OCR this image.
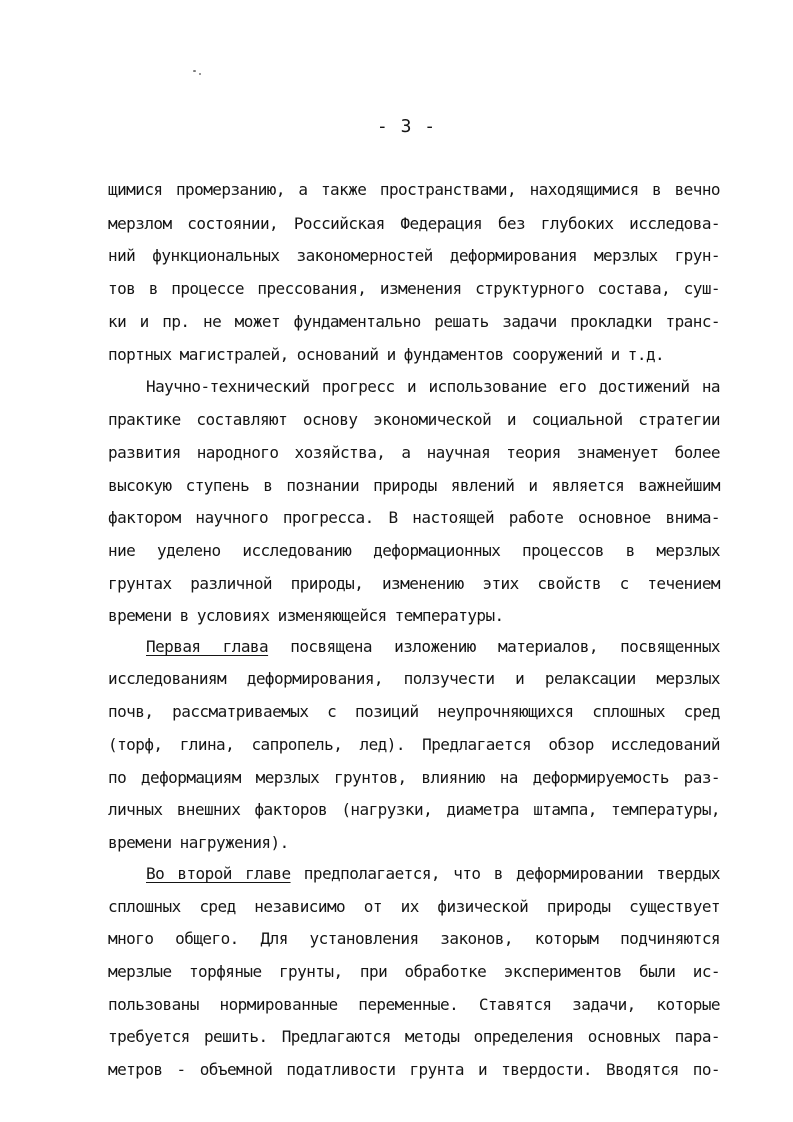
- 3 -
щимися промерзанию, а также пространствами, находящимися в вечно
мерзлом состоянии, Российская Федерация без глубоких исследова-
ний функциональных закономерностей деформирования мерзлых грун-
тов в процессе прессования, изменения структурного состава, суш-
ки и пр. не может фундаментально решать задачи прокладки транс-
портных магистралей, оснований и фундаментов сооружений и т.д.
Научно-технический прогресс и использование его достижений на
практике составляют основу экономической и социальной стратегии
развития народного хозяйства, а научная теория знаменует более
высокую ступень в познании природы явлений и является важнейшим
фактором научного прогресса. В настоящей работе основное внима-
ние уделено исследованию деформационных процессов в мерзлых
грунтах различной природы, изменению этих свойств с течением
времени в условиях изменяющейся температуры.
Первая глава посвящена изложению материалов, посвященных
исследованиям деформирования, ползучести и релаксации мерзлых
почв, рассматриваемых с позиций неупрочняющихся сплошных сред
(торф, глина, сапропель, лед). Предлагается обзор исследований
по деформациям мерзлых грунтов, влиянию на деформируемость раз-
личных внешних факторов (нагрузки, диаметра штампа, температуры,
времени нагружения).
Во второй главе предполагается, что в деформировании твердых
сплошных сред независимо от их физической природы существует
много общего. Для установления законов, которым подчиняются
мерзлые торфяные грунты, при обработке экспериментов были ис-
пользованы нормированные переменные. Ставятся задачи, которые
требуется решить. Предлагаются методы определения основных пара-
метров - объемной податливости грунта и твердости. Вводятся по-
